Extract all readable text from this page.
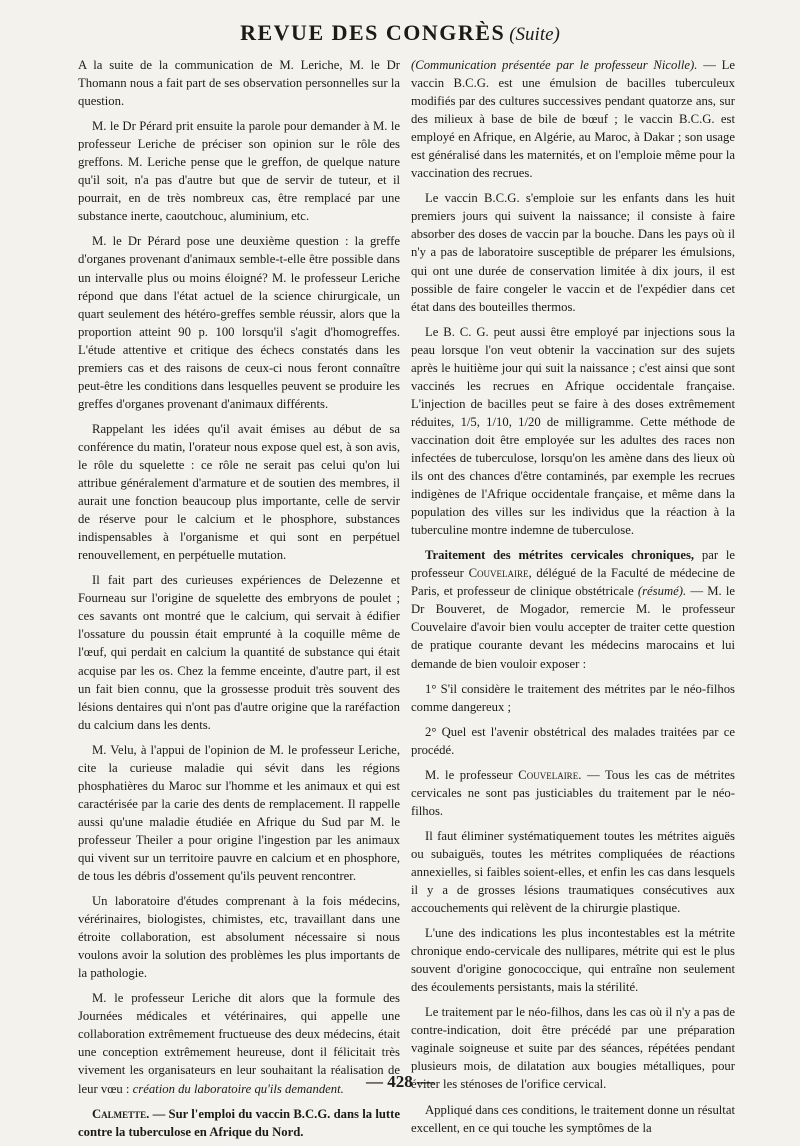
REVUE DES CONGRÈS (Suite)

A la suite de la communication de M. Leriche, M. le Dr Thomann nous a fait part de ses observation personnelles sur la question.

M. le Dr Pérard prit ensuite la parole pour demander à M. le professeur Leriche de préciser son opinion sur le rôle des greffons. M. Leriche pense que le greffon, de quelque nature qu'il soit, n'a pas d'autre but que de servir de tuteur, et il pourrait, en de très nombreux cas, être remplacé par une substance inerte, caoutchouc, aluminium, etc.

M. le Dr Pérard pose une deuxième question : la greffe d'organes provenant d'animaux semble-t-elle être possible dans un intervalle plus ou moins éloigné? M. le professeur Leriche répond que dans l'état actuel de la science chirurgicale, un quart seulement des hétéro-greffes semble réussir, alors que la proportion atteint 90 p. 100 lorsqu'il s'agit d'homogreffes. L'étude attentive et critique des échecs constatés dans les premiers cas et des raisons de ceux-ci nous feront connaître peut-être les conditions dans lesquelles peuvent se produire les greffes d'organes provenant d'animaux différents.

Rappelant les idées qu'il avait émises au début de sa conférence du matin, l'orateur nous expose quel est, à son avis, le rôle du squelette : ce rôle ne serait pas celui qu'on lui attribue généralement d'armature et de soutien des membres, il aurait une fonction beaucoup plus importante, celle de servir de réserve pour le calcium et le phosphore, substances indispensables à l'organisme et qui sont en perpétuel renouvellement, en perpétuelle mutation.

Il fait part des curieuses expériences de Delezenne et Fourneau sur l'origine de squelette des embryons de poulet ; ces savants ont montré que le calcium, qui servait à édifier l'ossature du poussin était emprunté à la coquille même de l'œuf, qui perdait en calcium la quantité de substance qui était acquise par les os. Chez la femme enceinte, d'autre part, il est un fait bien connu, que la grossesse produit très souvent des lésions dentaires qui n'ont pas d'autre origine que la raréfaction du calcium dans les dents.

M. Velu, à l'appui de l'opinion de M. le professeur Leriche, cite la curieuse maladie qui sévit dans les régions phosphatières du Maroc sur l'homme et les animaux et qui est caractérisée par la carie des dents de remplacement. Il rappelle aussi qu'une maladie étudiée en Afrique du Sud par M. le professeur Theiler a pour origine l'ingestion par les animaux qui vivent sur un territoire pauvre en calcium et en phosphore, de tous les débris d'ossement qu'ils peuvent rencontrer.

Un laboratoire d'études comprenant à la fois médecins, vérérinaires, biologistes, chimistes, etc, travaillant dans une étroite collaboration, est absolument nécessaire si nous voulons avoir la solution des problèmes les plus importants de la pathologie.

M. le professeur Leriche dit alors que la formule des Journées médicales et vétérinaires, qui appelle une collaboration extrêmement fructueuse des deux médecins, était une conception extrêmement heureuse, dont il félicitait très vivement les organisateurs en leur souhaitant la réalisation de leur vœu : création du laboratoire qu'ils demandent.

Calmette. — Sur l'emploi du vaccin B.C.G. dans la lutte contre la tuberculose en Afrique du Nord.

(Communication présentée par le professeur Nicolle). — Le vaccin B.C.G. est une émulsion de bacilles tuberculeux modifiés par des cultures successives pendant quatorze ans, sur des milieux à base de bile de bœuf ; le vaccin B.C.G. est employé en Afrique, en Algérie, au Maroc, à Dakar ; son usage est généralisé dans les maternités, et on l'emploie même pour la vaccination des recrues.

Le vaccin B.C.G. s'emploie sur les enfants dans les huit premiers jours qui suivent la naissance; il consiste à faire absorber des doses de vaccin par la bouche. Dans les pays où il n'y a pas de laboratoire susceptible de préparer les émulsions, qui ont une durée de conservation limitée à dix jours, il est possible de faire congeler le vaccin et de l'expédier dans cet état dans des bouteilles thermos.

Le B. C. G. peut aussi être employé par injections sous la peau lorsque l'on veut obtenir la vaccination sur des sujets après le huitième jour qui suit la naissance ; c'est ainsi que sont vaccinés les recrues en Afrique occidentale française. L'injection de bacilles peut se faire à des doses extrêmement réduites, 1/5, 1/10, 1/20 de milligramme. Cette méthode de vaccination doit être employée sur les adultes des races non infectées de tuberculose, lorsqu'on les amène dans des lieux où ils ont des chances d'être contaminés, par exemple les recrues indigènes de l'Afrique occidentale française, et même dans la population des villes sur les individus que la réaction à la tuberculine montre indemne de tuberculose.

Traitement des métrites cervicales chroniques, par le professeur Couvelaire, délégué de la Faculté de médecine de Paris, et professeur de clinique obstétricale (résumé). — M. le Dr Bouveret, de Mogador, remercie M. le professeur Couvelaire d'avoir bien voulu accepter de traiter cette question de pratique courante devant les médecins marocains et lui demande de bien vouloir exposer :

1° S'il considère le traitement des métrites par le néo-filhos comme dangereux ;

2° Quel est l'avenir obstétrical des malades traitées par ce procédé.

M. le professeur Couvelaire. — Tous les cas de métrites cervicales ne sont pas justiciables du traitement par le néo-filhos.

Il faut éliminer systématiquement toutes les métrites aiguës ou subaiguës, toutes les métrites compliquées de réactions annexielles, si faibles soient-elles, et enfin les cas dans lesquels il y a de grosses lésions traumatiques consécutives aux accouchements qui relèvent de la chirurgie plastique.

L'une des indications les plus incontestables est la métrite chronique endo-cervicale des nullipares, métrite qui est le plus souvent d'origine gonococcique, qui entraîne non seulement des écoulements persistants, mais la stérilité.

Le traitement par le néo-filhos, dans les cas où il n'y a pas de contre-indication, doit être précédé par une préparation vaginale soigneuse et suite par des séances, répétées pendant plusieurs mois, de dilatation aux bougies métalliques, pour éviter les sténoses de l'orifice cervical.

Appliqué dans ces conditions, le traitement donne un résultat excellent, en ce qui touche les symptômes de la

— 428 —
